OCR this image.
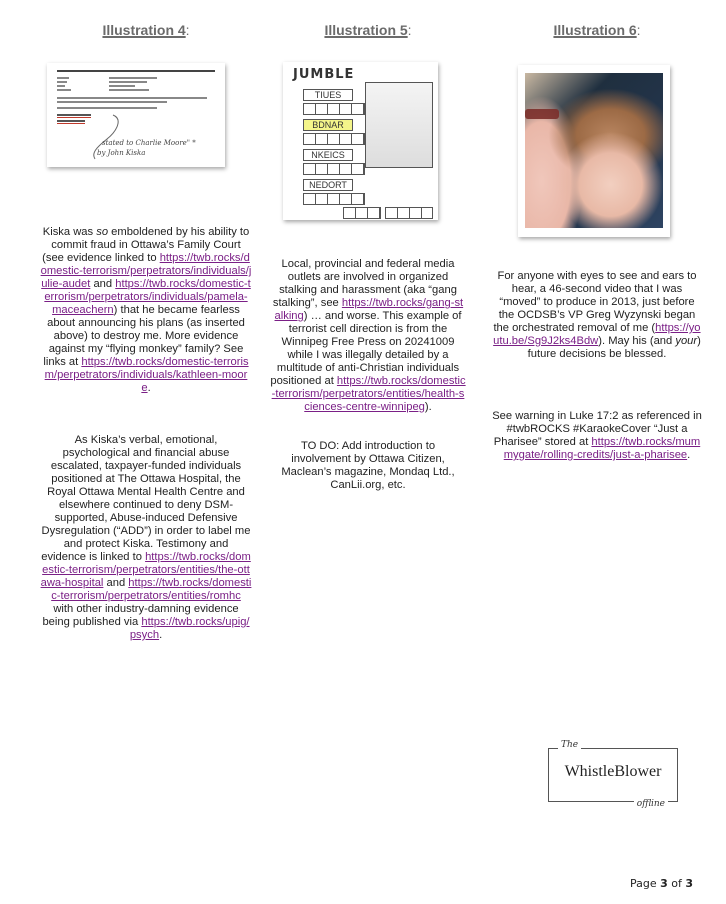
Illustration 4:
stated to Charlie Moore" *
by John Kiska

Kiska was so emboldened by his ability to commit fraud in Ottawa’s Family Court (see evidence linked to https://twb.rocks/domestic-terrorism/perpetrators/individuals/julie-audet and https://twb.rocks/domestic-terrorism/perpetrators/individuals/pamela-maceachern) that he became fearless about announcing his plans (as inserted above) to destroy me. More evidence against my “flying monkey” family? See links at https://twb.rocks/domestic-terrorism/perpetrators/individuals/kathleen-moore.

As Kiska’s verbal, emotional, psychological and financial abuse escalated, taxpayer-funded individuals positioned at The Ottawa Hospital, the Royal Ottawa Mental Health Centre and elsewhere continued to deny DSM-supported, Abuse-induced Defensive Dysregulation (“ADD”) in order to label me and protect Kiska. Testimony and evidence is linked to https://twb.rocks/domestic-terrorism/perpetrators/entities/the-ottawa-hospital and https://twb.rocks/domestic-terrorism/perpetrators/entities/romhc with other industry-damning evidence being published via https://twb.rocks/upig/psych.

Illustration 5:
JUMBLE
TIUES
BDNAR
NKEICS
NEDORT

Local, provincial and federal media outlets are involved in organized stalking and harassment (aka “gang stalking”, see https://twb.rocks/gang-stalking) … and worse. This example of terrorist cell direction is from the Winnipeg Free Press on 20241009 while I was illegally detailed by a multitude of anti-Christian individuals positioned at https://twb.rocks/domestic-terrorism/perpetrators/entities/health-sciences-centre-winnipeg).

TO DO: Add introduction to involvement by Ottawa Citizen, Maclean’s magazine, Mondaq Ltd., CanLii.org, etc.

Illustration 6:

For anyone with eyes to see and ears to hear, a 46-second video that I was “moved” to produce in 2013, just before the OCDSB’s VP Greg Wyzynski began the orchestrated removal of me (https://youtu.be/Sg9J2ks4Bdw). May his (and your) future decisions be blessed.

See warning in Luke 17:2 as referenced in #twbROCKS #KaraokeCover “Just a Pharisee” stored at https://twb.rocks/mummygate/rolling-credits/just-a-pharisee.

The
WhistleBlower
offline
Page 3 of 3
